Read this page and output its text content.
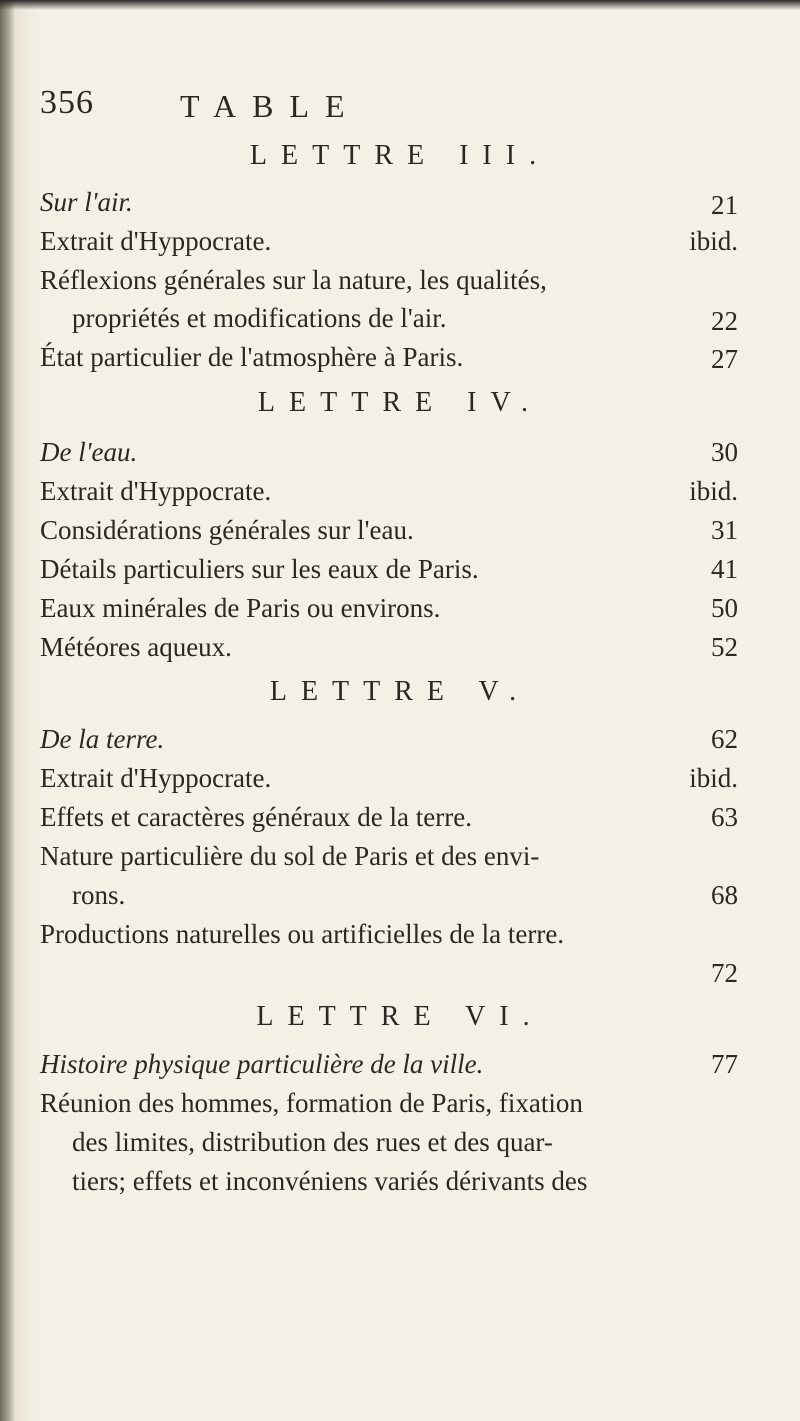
356	TABLE
LETTRE III.
Sur l'air.	21
Extrait d'Hyppocrate.	ibid.
Réflexions générales sur la nature, les qualités,
propriétés et modifications de l'air.	22
État particulier de l'atmosphère à Paris.	27
LETTRE IV.
De l'eau.	30
Extrait d'Hyppocrate.	ibid.
Considérations générales sur l'eau.	31
Détails particuliers sur les eaux de Paris.	41
Eaux minérales de Paris ou environs.	50
Météores aqueux.	52
LETTRE V.
De la terre.	62
Extrait d'Hyppocrate.	ibid.
Effets et caractères généraux de la terre.	63
Nature particulière du sol de Paris et des envi-
rons.	68
Productions naturelles ou artificielles de la terre.
72
LETTRE VI.
Histoire physique particulière de la ville.	77
Réunion des hommes, formation de Paris, fixation
des limites, distribution des rues et des quar-
tiers; effets et inconvéniens variés dérivants des
